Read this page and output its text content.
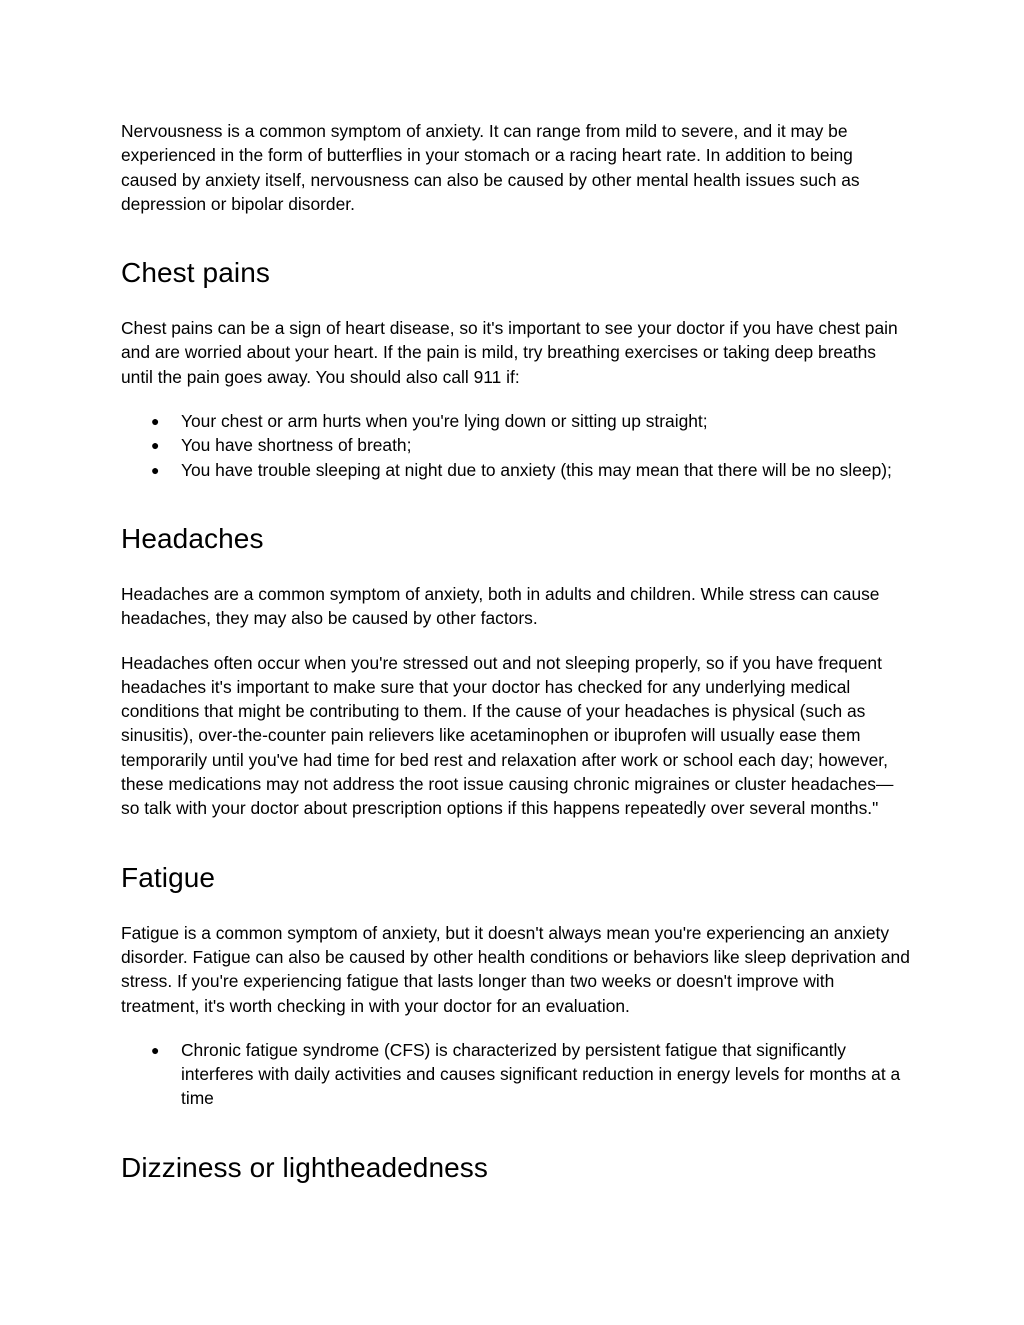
Nervousness is a common symptom of anxiety. It can range from mild to severe, and it may be experienced in the form of butterflies in your stomach or a racing heart rate. In addition to being caused by anxiety itself, nervousness can also be caused by other mental health issues such as depression or bipolar disorder.

Chest pains

Chest pains can be a sign of heart disease, so it's important to see your doctor if you have chest pain and are worried about your heart. If the pain is mild, try breathing exercises or taking deep breaths until the pain goes away. You should also call 911 if:

● Your chest or arm hurts when you're lying down or sitting up straight;
● You have shortness of breath;
● You have trouble sleeping at night due to anxiety (this may mean that there will be no sleep);
Headaches

Headaches are a common symptom of anxiety, both in adults and children. While stress can cause headaches, they may also be caused by other factors.

Headaches often occur when you're stressed out and not sleeping properly, so if you have frequent headaches it's important to make sure that your doctor has checked for any underlying medical conditions that might be contributing to them. If the cause of your headaches is physical (such as sinusitis), over-the-counter pain relievers like acetaminophen or ibuprofen will usually ease them temporarily until you've had time for bed rest and relaxation after work or school each day; however, these medications may not address the root issue causing chronic migraines or cluster headaches—so talk with your doctor about prescription options if this happens repeatedly over several months."

Fatigue

Fatigue is a common symptom of anxiety, but it doesn't always mean you're experiencing an anxiety disorder. Fatigue can also be caused by other health conditions or behaviors like sleep deprivation and stress. If you're experiencing fatigue that lasts longer than two weeks or doesn't improve with treatment, it's worth checking in with your doctor for an evaluation.

● Chronic fatigue syndrome (CFS) is characterized by persistent fatigue that significantly interferes with daily activities and causes significant reduction in energy levels for months at a time
Dizziness or lightheadedness
